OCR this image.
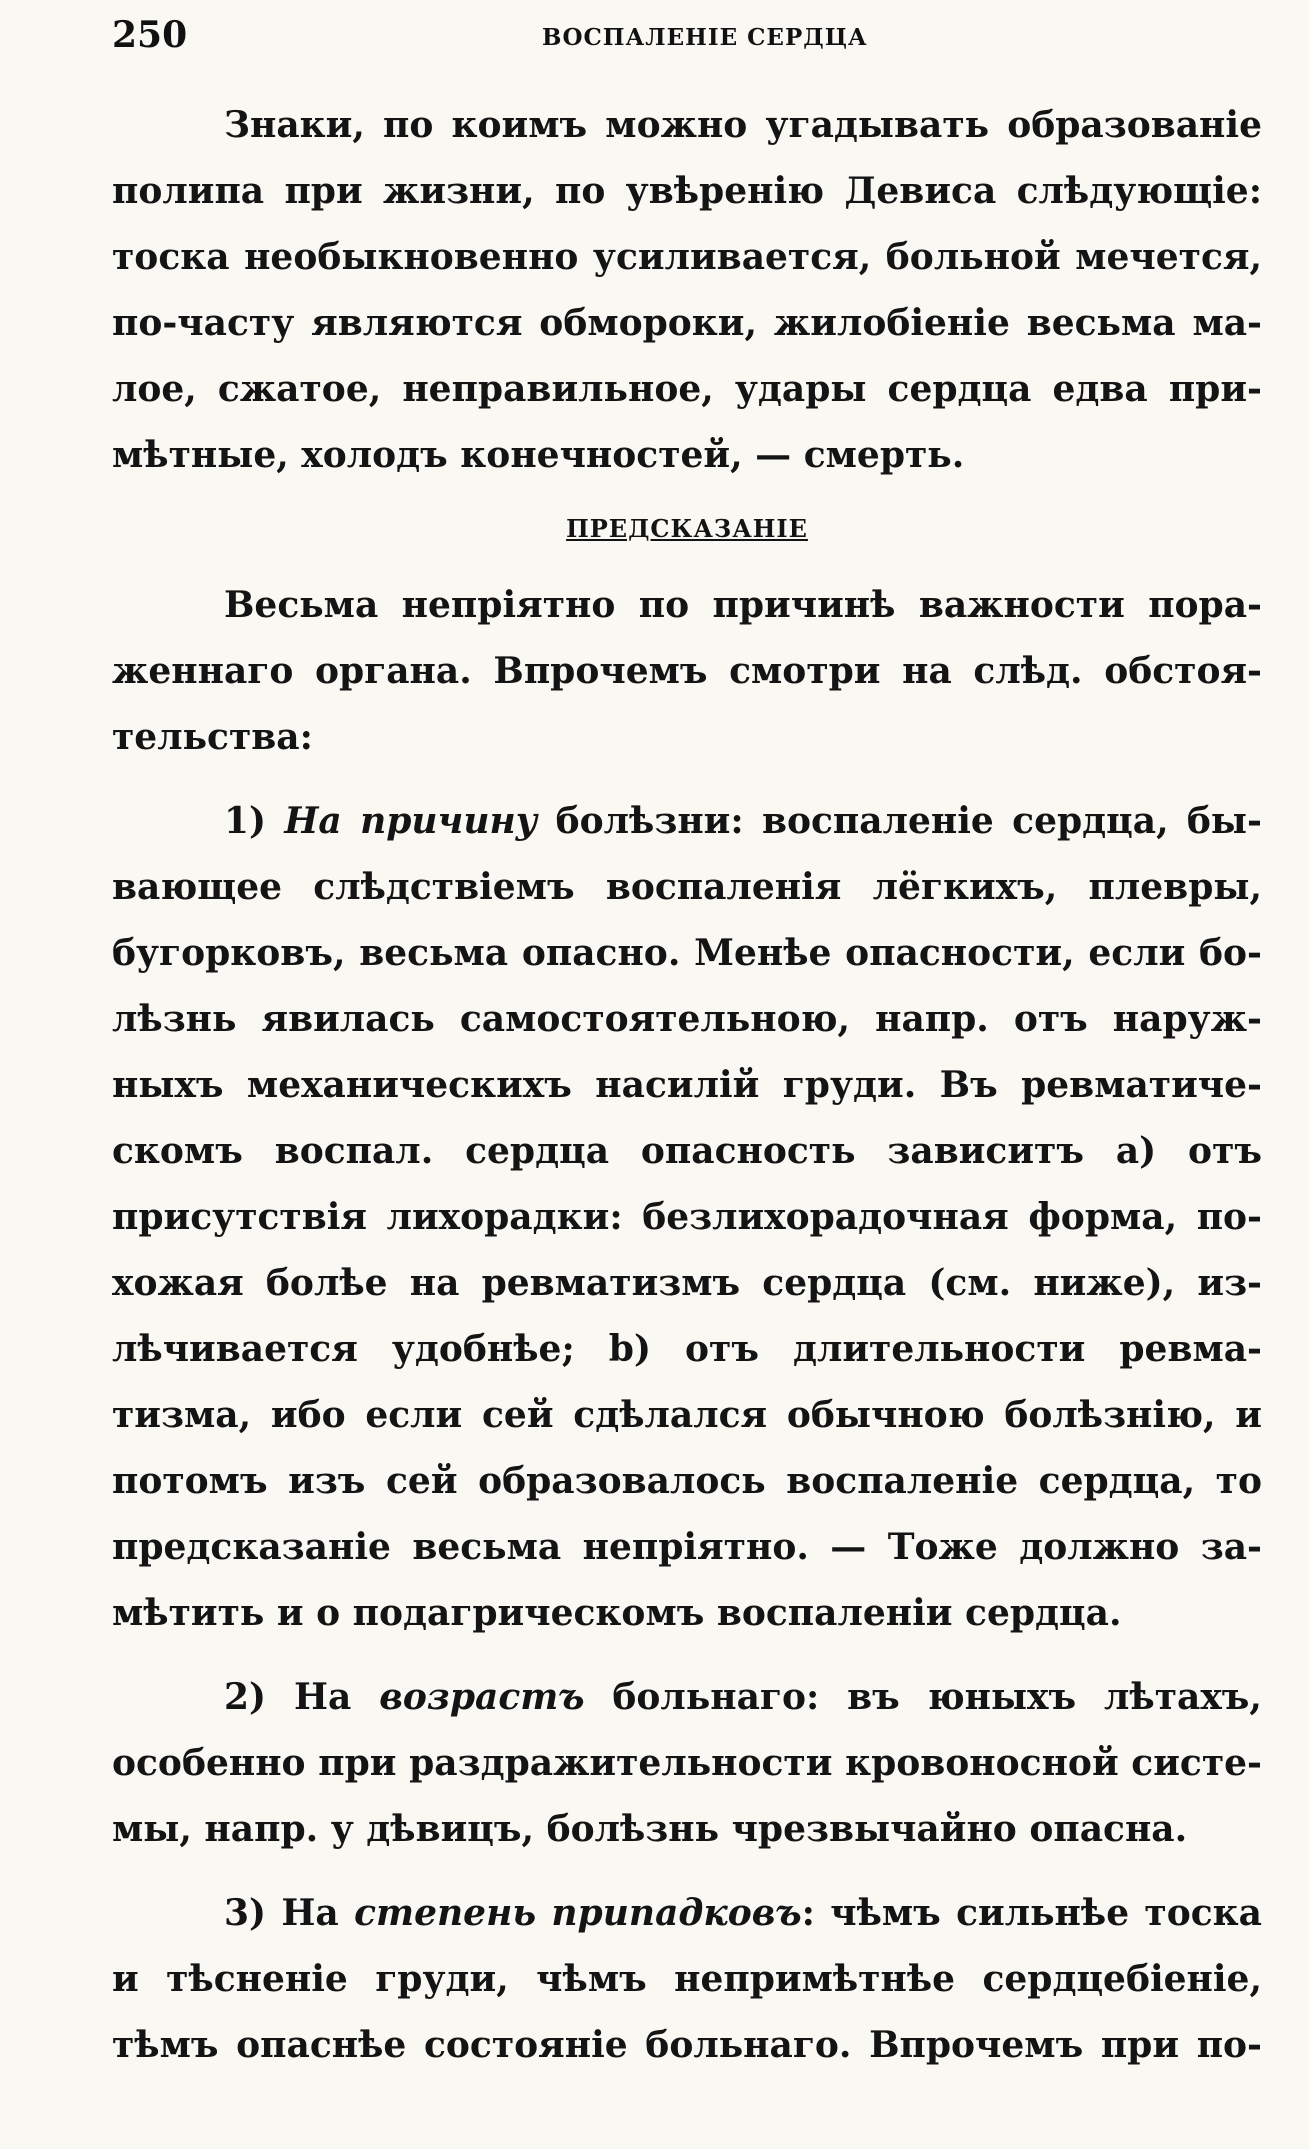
250	ВОСПАЛЕНІЕ СЕРДЦА
Знаки, по коимъ можно угадывать образованіе
полипа при жизни, по увѣренію Девиса слѣдующіе:
тоска необыкновенно усиливается, больной мечется,
по-часту являются обмороки, жилобіеніе весьма ма-
лое, сжатое, неправильное, удары сердца едва при-
мѣтные, холодъ конечностей, — смерть.
ПРЕДСКАЗАНІЕ
Весьма непріятно по причинѣ важности пора-
женнаго органа. Впрочемъ смотри на слѣд. обстоя-
тельства:
1) На причину болѣзни: воспаленіе сердца, бы-
вающее слѣдствіемъ воспаленія лёгкихъ, плевры,
бугорковъ, весьма опасно. Менѣе опасности, если бо-
лѣзнь явилась самостоятельною, напр. отъ наруж-
ныхъ механическихъ насилій груди. Въ ревматиче-
скомъ воспал. сердца опасность зависитъ а) отъ
присутствія лихорадки: безлихорадочная форма, по-
хожая болѣе на ревматизмъ сердца (см. ниже), из-
лѣчивается удобнѣе; b) отъ длительности ревма-
тизма, ибо если сей сдѣлался обычною болѣзнію, и
потомъ изъ сей образовалось воспаленіе сердца, то
предсказаніе весьма непріятно. — Тоже должно за-
мѣтить и о подагрическомъ воспаленіи сердца.
2) На возрастъ больнаго: въ юныхъ лѣтахъ,
особенно при раздражительности кровоносной систе-
мы, напр. у дѣвицъ, болѣзнь чрезвычайно опасна.
3) На степень припадковъ: чѣмъ сильнѣе тоска
и тѣсненіе груди, чѣмъ непримѣтнѣе сердцебіеніе,
тѣмъ опаснѣе состояніе больнаго. Впрочемъ при по-
